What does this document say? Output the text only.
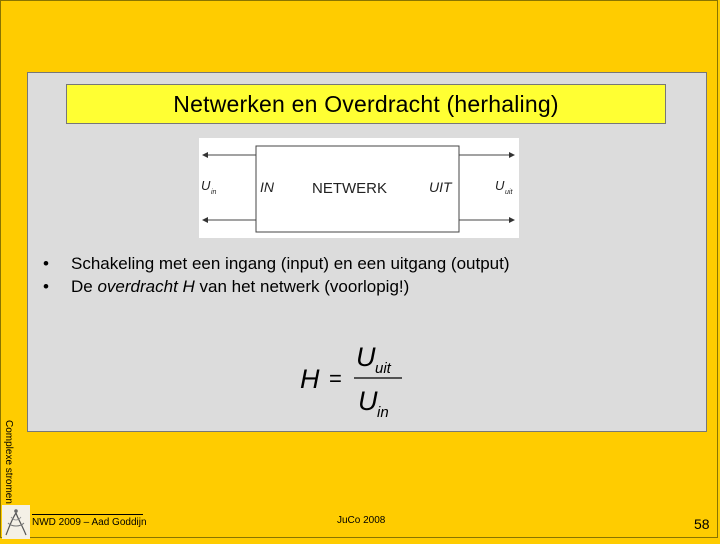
Netwerken en Overdracht (herhaling)
NETWERK
IN	UIT
U in	U uit
•	Schakeling met een ingang (input) en een uitgang (output)
•	De overdracht H van het netwerk (voorlopig!)
H =
U uit
U in
Complexe stromen
NWD 2009 – Aad Goddijn	JuCo 2008	58
